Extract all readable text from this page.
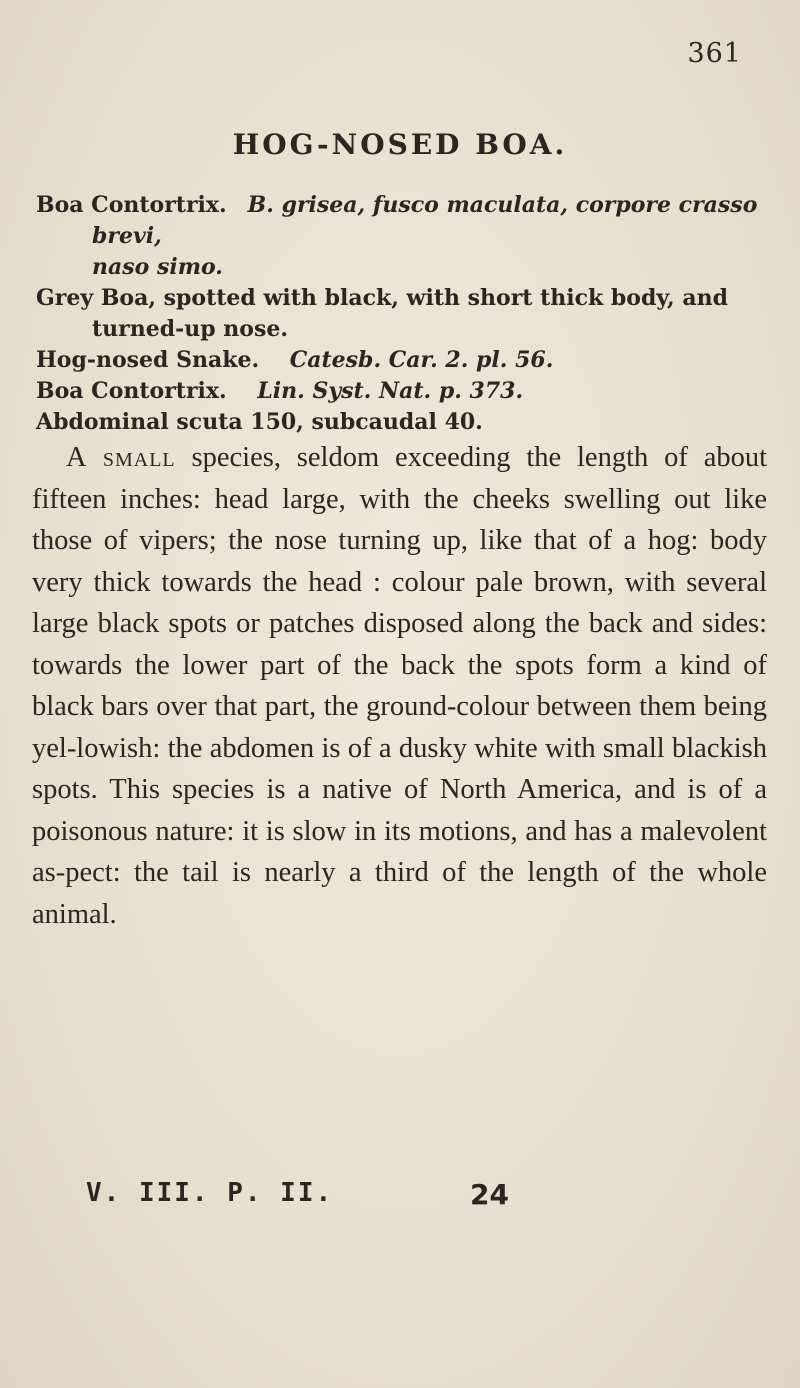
361
HOG-NOSED BOA.

Boa Contortrix. B. grisea, fusco maculata, corpore crasso brevi,

naso simo.

Grey Boa, spotted with black, with short thick body, and

turned-up nose.

Hog-nosed Snake. Catesb. Car. 2. pl. 56.

Boa Contortrix. Lin. Syst. Nat. p. 373.

Abdominal scuta 150, subcaudal 40.

A small species, seldom exceeding the length of about fifteen inches: head large, with the cheeks swelling out like those of vipers; the nose turning up, like that of a hog: body very thick towards the head : colour pale brown, with several large black spots or patches disposed along the back and sides: towards the lower part of the back the spots form a kind of black bars over that part, the ground-colour between them being yel-lowish: the abdomen is of a dusky white with small blackish spots. This species is a native of North America, and is of a poisonous nature: it is slow in its motions, and has a malevolent as-pect: the tail is nearly a third of the length of the whole animal.
V. III. P. II.	24
